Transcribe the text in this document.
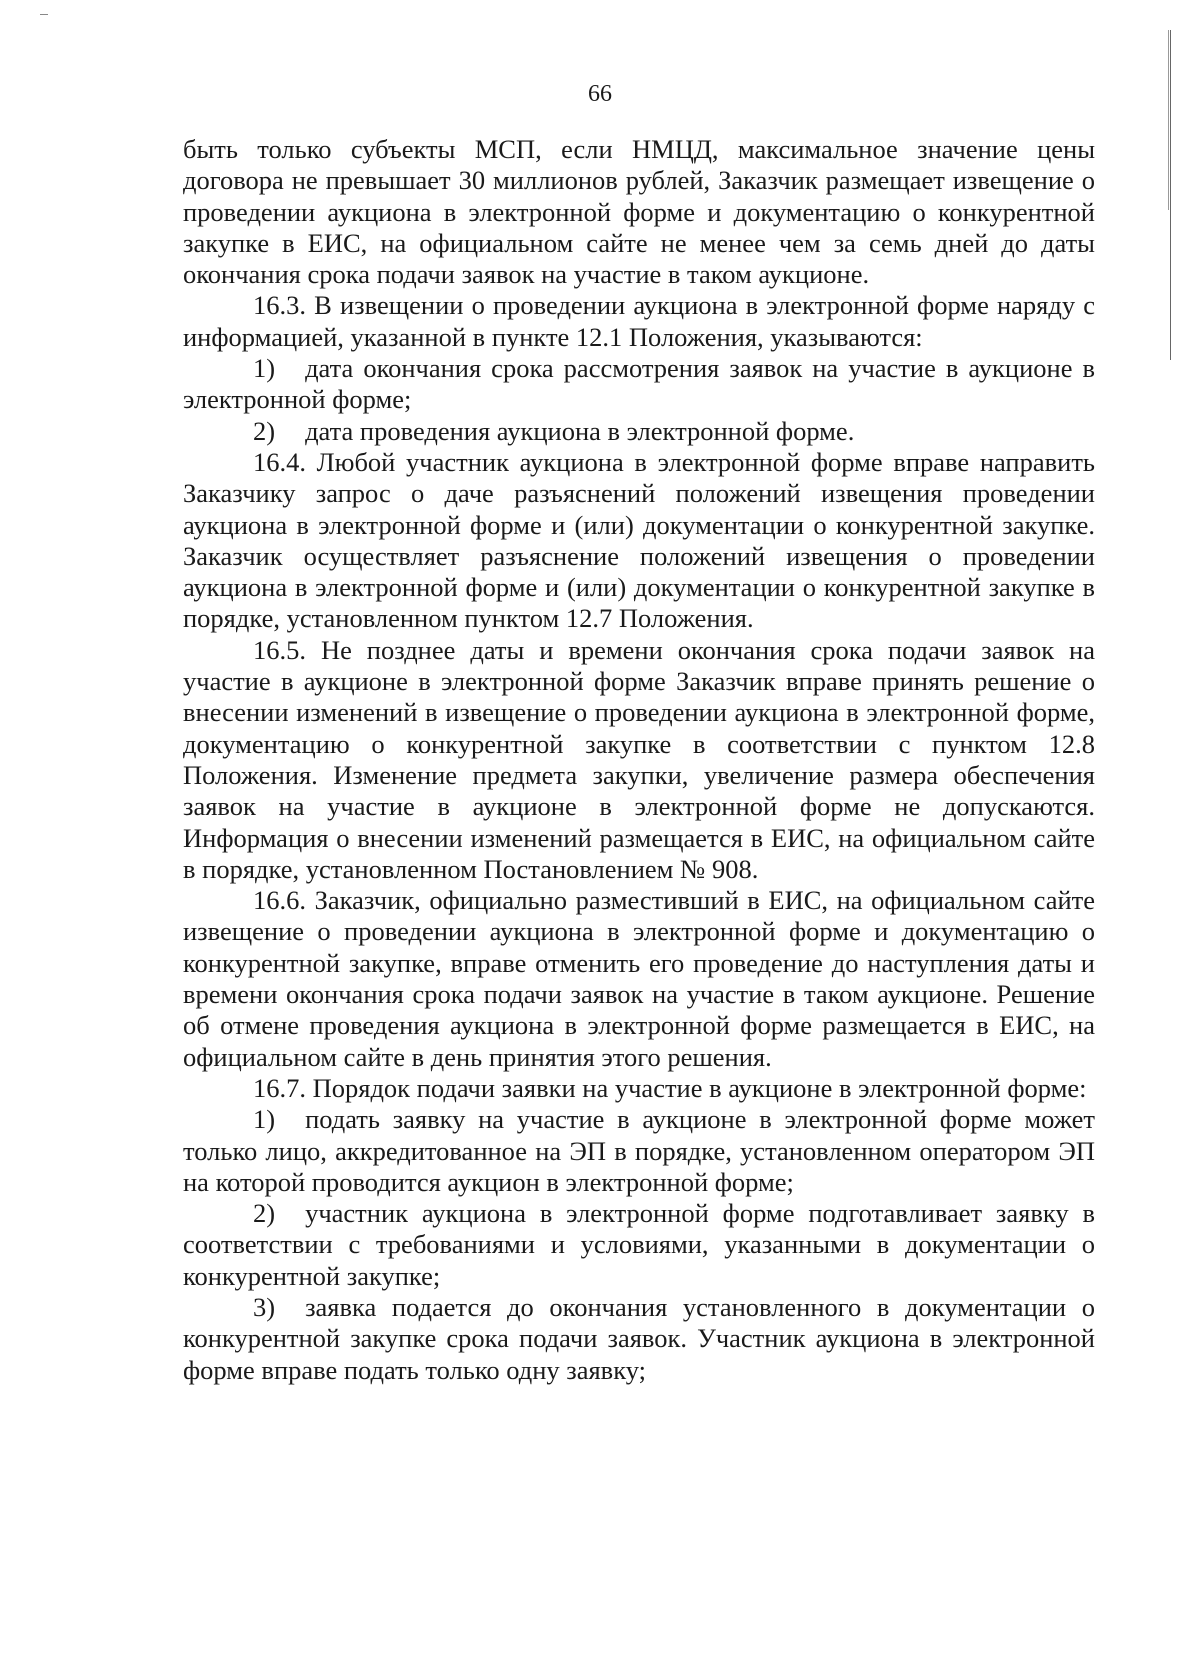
66

быть только субъекты МСП, если НМЦД, максимальное значение цены договора не превышает 30 миллионов рублей, Заказчик размещает извещение о проведении аукциона в электронной форме и документацию о конкурентной закупке в ЕИС, на официальном сайте не менее чем за семь дней до даты окончания срока подачи заявок на участие в таком аукционе.

16.3. В извещении о проведении аукциона в электронной форме наряду с информацией, указанной в пункте 12.1 Положения, указываются:

1) дата окончания срока рассмотрения заявок на участие в аукционе в электронной форме;

2) дата проведения аукциона в электронной форме.

16.4. Любой участник аукциона в электронной форме вправе направить Заказчику запрос о даче разъяснений положений извещения проведении аукциона в электронной форме и (или) документации о конкурентной закупке. Заказчик осуществляет разъяснение положений извещения о проведении аукциона в электронной форме и (или) документации о конкурентной закупке в порядке, установленном пунктом 12.7 Положения.

16.5. Не позднее даты и времени окончания срока подачи заявок на участие в аукционе в электронной форме Заказчик вправе принять решение о внесении изменений в извещение о проведении аукциона в электронной форме, документацию о конкурентной закупке в соответствии с пунктом 12.8 Положения. Изменение предмета закупки, увеличение размера обеспечения заявок на участие в аукционе в электронной форме не допускаются. Информация о внесении изменений размещается в ЕИС, на официальном сайте в порядке, установленном Постановлением № 908.

16.6. Заказчик, официально разместивший в ЕИС, на официальном сайте извещение о проведении аукциона в электронной форме и документацию о конкурентной закупке, вправе отменить его проведение до наступления даты и времени окончания срока подачи заявок на участие в таком аукционе. Решение об отмене проведения аукциона в электронной форме размещается в ЕИС, на официальном сайте в день принятия этого решения.

16.7. Порядок подачи заявки на участие в аукционе в электронной форме:

1) подать заявку на участие в аукционе в электронной форме может только лицо, аккредитованное на ЭП в порядке, установленном оператором ЭП на которой проводится аукцион в электронной форме;

2) участник аукциона в электронной форме подготавливает заявку в соответствии с требованиями и условиями, указанными в документации о конкурентной закупке;

3) заявка подается до окончания установленного в документации о конкурентной закупке срока подачи заявок. Участник аукциона в электронной форме вправе подать только одну заявку;
